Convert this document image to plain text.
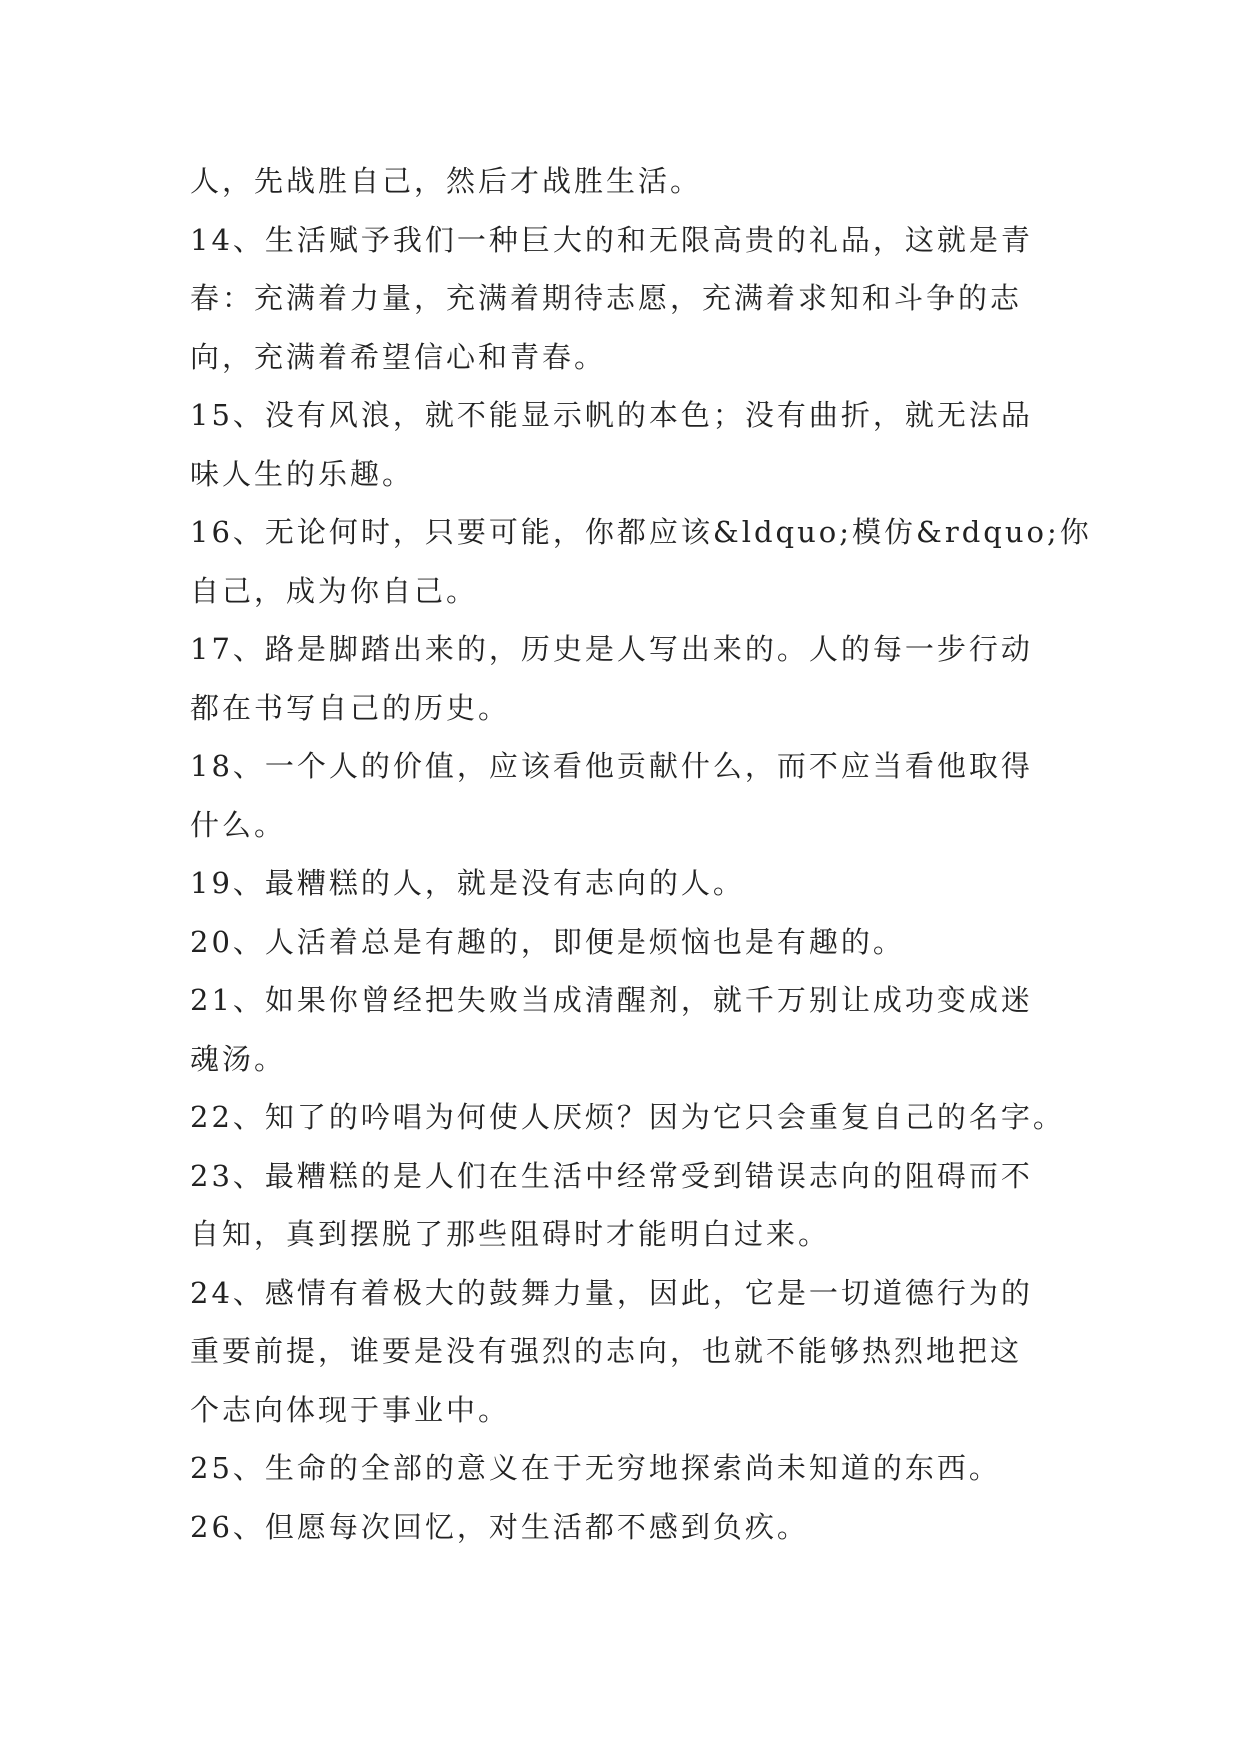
人，先战胜自己，然后才战胜生活。
14、生活赋予我们一种巨大的和无限高贵的礼品，这就是青
春：充满着力量，充满着期待志愿，充满着求知和斗争的志
向，充满着希望信心和青春。
15、没有风浪，就不能显示帆的本色；没有曲折，就无法品
味人生的乐趣。
16、无论何时，只要可能，你都应该&ldquo;模仿&rdquo;你
自己，成为你自己。
17、路是脚踏出来的，历史是人写出来的。人的每一步行动
都在书写自己的历史。
18、一个人的价值，应该看他贡献什么，而不应当看他取得
什么。
19、最糟糕的人，就是没有志向的人。
20、人活着总是有趣的，即便是烦恼也是有趣的。
21、如果你曾经把失败当成清醒剂，就千万别让成功变成迷
魂汤。
22、知了的吟唱为何使人厌烦？因为它只会重复自己的名字。
23、最糟糕的是人们在生活中经常受到错误志向的阻碍而不
自知，真到摆脱了那些阻碍时才能明白过来。
24、感情有着极大的鼓舞力量，因此，它是一切道德行为的
重要前提，谁要是没有强烈的志向，也就不能够热烈地把这
个志向体现于事业中。
25、生命的全部的意义在于无穷地探索尚未知道的东西。
26、但愿每次回忆，对生活都不感到负疚。
